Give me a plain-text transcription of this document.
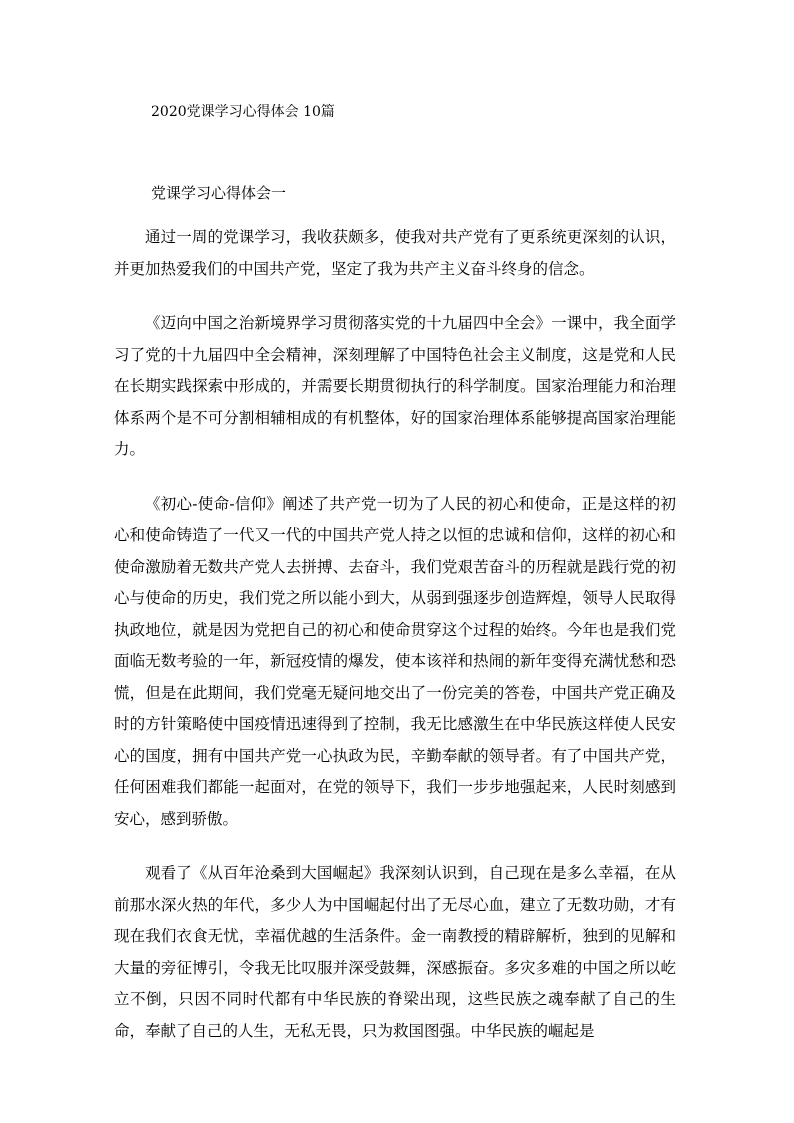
2020党课学习心得体会 10篇
党课学习心得体会一

通过一周的党课学习，我收获颇多，使我对共产党有了更系统更深刻的认识，并更加热爱我们的中国共产党，坚定了我为共产主义奋斗终身的信念。

《迈向中国之治新境界学习贯彻落实党的十九届四中全会》一课中，我全面学习了党的十九届四中全会精神，深刻理解了中国特色社会主义制度，这是党和人民在长期实践探索中形成的，并需要长期贯彻执行的科学制度。国家治理能力和治理体系两个是不可分割相辅相成的有机整体，好的国家治理体系能够提高国家治理能力。

《初心-使命-信仰》阐述了共产党一切为了人民的初心和使命，正是这样的初心和使命铸造了一代又一代的中国共产党人持之以恒的忠诚和信仰，这样的初心和使命激励着无数共产党人去拼搏、去奋斗，我们党艰苦奋斗的历程就是践行党的初心与使命的历史，我们党之所以能小到大，从弱到强逐步创造辉煌，领导人民取得执政地位，就是因为党把自己的初心和使命贯穿这个过程的始终。今年也是我们党面临无数考验的一年，新冠疫情的爆发，使本该祥和热闹的新年变得充满忧愁和恐慌，但是在此期间，我们党毫无疑问地交出了一份完美的答卷，中国共产党正确及时的方针策略使中国疫情迅速得到了控制，我无比感激生在中华民族这样使人民安心的国度，拥有中国共产党一心执政为民，辛勤奉献的领导者。有了中国共产党，任何困难我们都能一起面对，在党的领导下，我们一步步地强起来，人民时刻感到安心，感到骄傲。

观看了《从百年沧桑到大国崛起》我深刻认识到，自己现在是多么幸福，在从前那水深火热的年代，多少人为中国崛起付出了无尽心血，建立了无数功勋，才有现在我们衣食无忧，幸福优越的生活条件。金一南教授的精辟解析，独到的见解和大量的旁征博引，令我无比叹服并深受鼓舞，深感振奋。多灾多难的中国之所以屹立不倒，只因不同时代都有中华民族的脊梁出现，这些民族之魂奉献了自己的生命，奉献了自己的人生，无私无畏，只为救国图强。中华民族的崛起是
